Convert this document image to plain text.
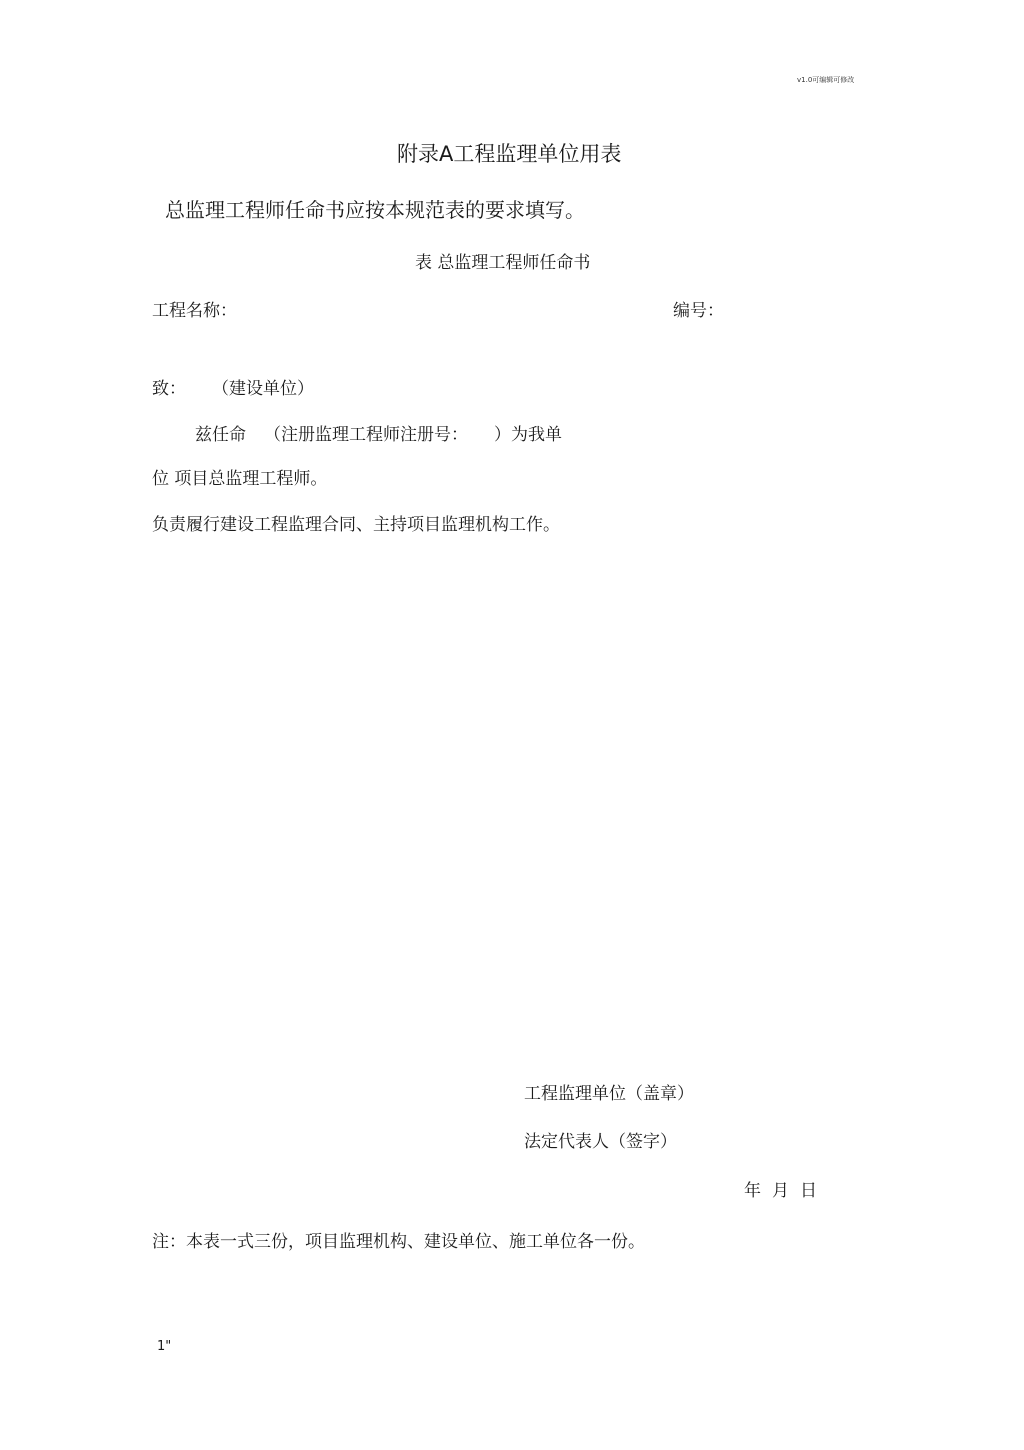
v1.0可编辑可修改
附录A工程监理单位用表
总监理工程师任命书应按本规范表的要求填写。
表 总监理工程师任命书
工程名称：	编号：
致： （建设单位）
兹任命 （注册监理工程师注册号： ）为我单
位 项目总监理工程师。
负责履行建设工程监理合同、主持项目监理机构工作。
工程监理单位（盖章）
法定代表人（签字）
年 月 日
注：本表一式三份，项目监理机构、建设单位、施工单位各一份。
1"
